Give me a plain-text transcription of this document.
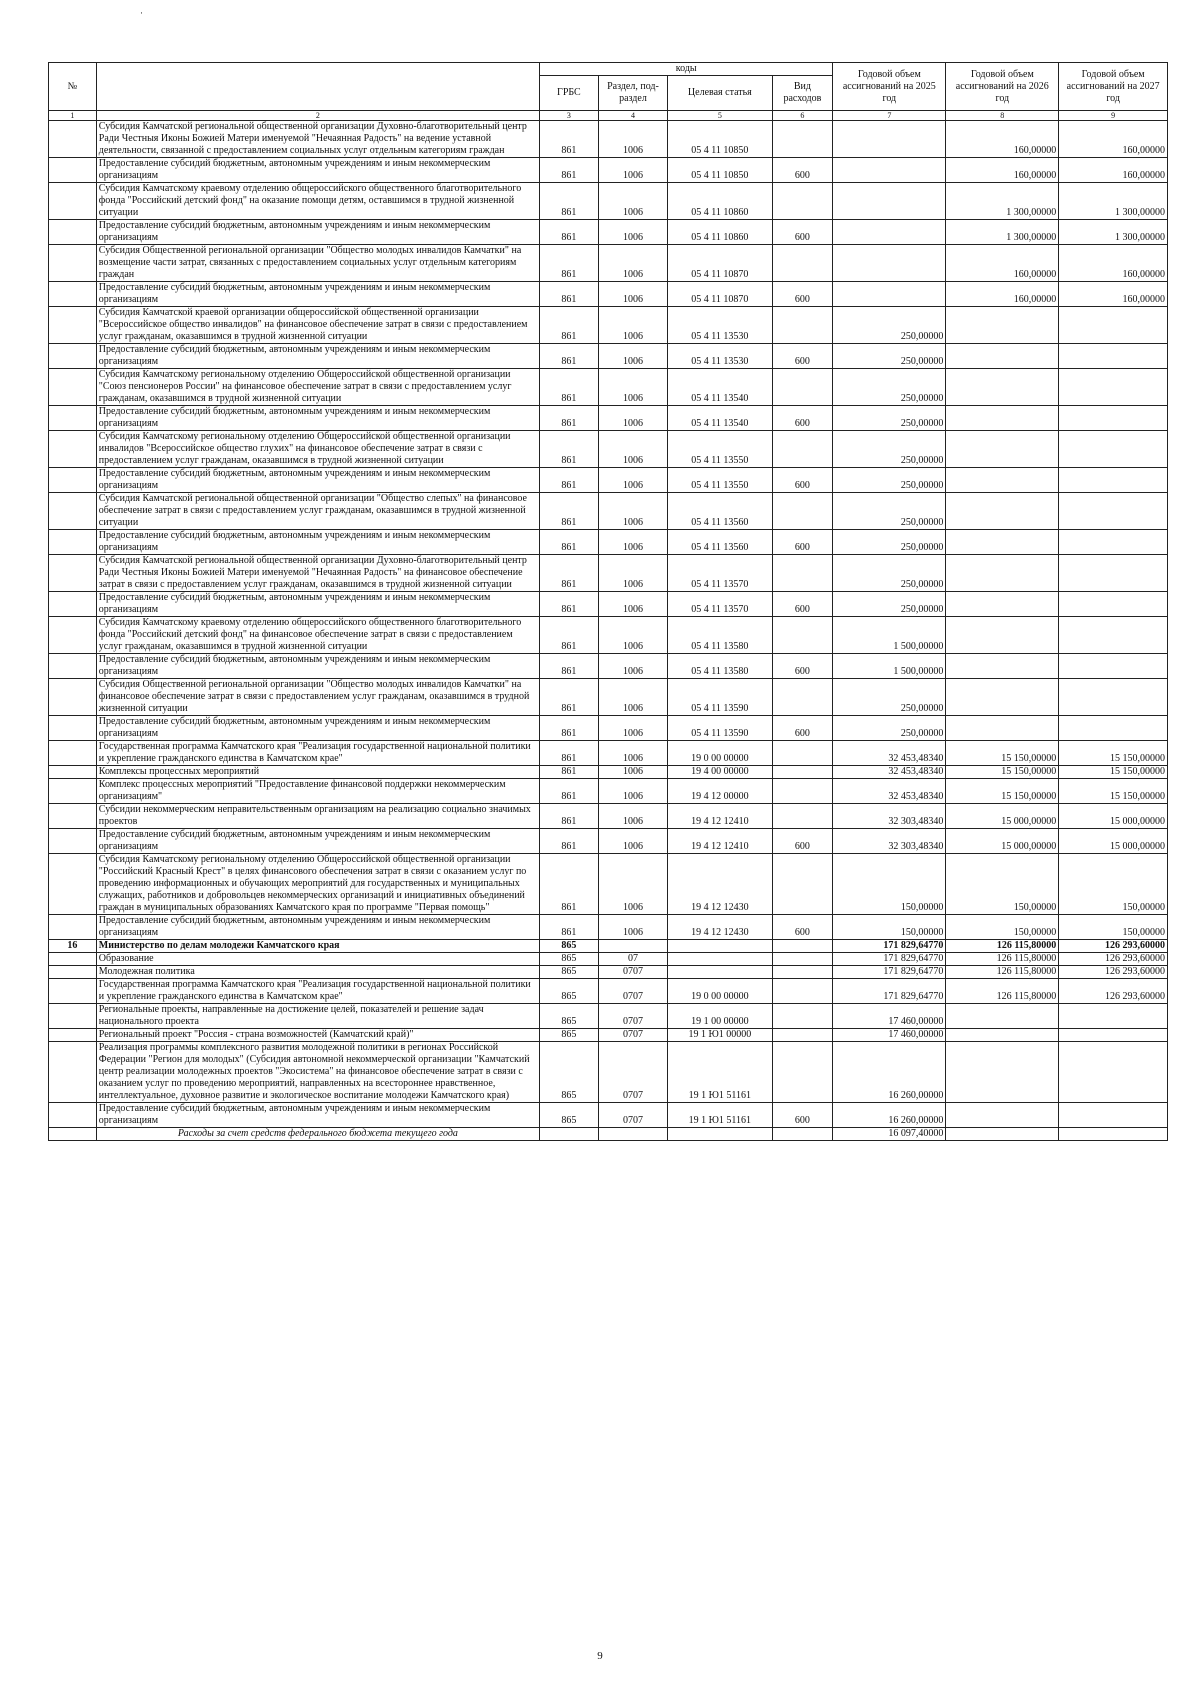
·
№		коды				Годовой объем ассигнований на 2025 год	Годовой объем ассигнований на 2026 год	Годовой объем ассигнований на 2027 год
		ГРБС	Раздел, под-раздел	Целевая статья	Вид расходов			
1	2	3	4	5	6	7	8	9
	Субсидия Камчатской региональной общественной организации Духовно-благотворительный центр Ради Честныя Иконы Божией Матери именуемой "Нечаянная Радость" на ведение уставной деятельности, связанной с предоставлением социальных услуг отдельным категориям граждан	861	1006	05 4 11 10850			160,00000	160,00000
	Предоставление субсидий бюджетным, автономным учреждениям и иным некоммерческим организациям	861	1006	05 4 11 10850	600		160,00000	160,00000
	Субсидия Камчатскому краевому отделению общероссийского общественного благотворительного фонда "Российский детский фонд" на оказание помощи детям, оставшимся в трудной жизненной ситуации	861	1006	05 4 11 10860			1 300,00000	1 300,00000
	Предоставление субсидий бюджетным, автономным учреждениям и иным некоммерческим организациям	861	1006	05 4 11 10860	600		1 300,00000	1 300,00000
	Субсидия Общественной региональной организации "Общество молодых инвалидов Камчатки" на возмещение части затрат, связанных с предоставлением социальных услуг отдельным категориям граждан	861	1006	05 4 11 10870			160,00000	160,00000
	Предоставление субсидий бюджетным, автономным учреждениям и иным некоммерческим организациям	861	1006	05 4 11 10870	600		160,00000	160,00000
	Субсидия Камчатской краевой организации общероссийской общественной организации "Всероссийское общество инвалидов" на финансовое обеспечение затрат в связи с предоставлением услуг гражданам, оказавшимся в трудной жизненной ситуации	861	1006	05 4 11 13530		250,00000		
	Предоставление субсидий бюджетным, автономным учреждениям и иным некоммерческим организациям	861	1006	05 4 11 13530	600	250,00000		
	Субсидия Камчатскому региональному отделению Общероссийской общественной организации "Союз пенсионеров России" на финансовое обеспечение затрат в связи с предоставлением услуг гражданам, оказавшимся в трудной жизненной ситуации	861	1006	05 4 11 13540		250,00000		
	Предоставление субсидий бюджетным, автономным учреждениям и иным некоммерческим организациям	861	1006	05 4 11 13540	600	250,00000		
	Субсидия Камчатскому региональному отделению Общероссийской общественной организации инвалидов "Всероссийское общество глухих" на финансовое обеспечение затрат в связи с предоставлением услуг гражданам, оказавшимся в трудной жизненной ситуации	861	1006	05 4 11 13550		250,00000		
	Предоставление субсидий бюджетным, автономным учреждениям и иным некоммерческим организациям	861	1006	05 4 11 13550	600	250,00000		
	Субсидия Камчатской региональной общественной организации "Общество слепых" на финансовое обеспечение затрат в связи с предоставлением услуг гражданам, оказавшимся в трудной жизненной ситуации	861	1006	05 4 11 13560		250,00000		
	Предоставление субсидий бюджетным, автономным учреждениям и иным некоммерческим организациям	861	1006	05 4 11 13560	600	250,00000		
	Субсидия Камчатской региональной общественной организации Духовно-благотворительный центр Ради Честныя Иконы Божией Матери именуемой "Нечаянная Радость" на финансовое обеспечение затрат в связи с предоставлением услуг гражданам, оказавшимся в трудной жизненной ситуации	861	1006	05 4 11 13570		250,00000		
	Предоставление субсидий бюджетным, автономным учреждениям и иным некоммерческим организациям	861	1006	05 4 11 13570	600	250,00000		
	Субсидия Камчатскому краевому отделению общероссийского общественного благотворительного фонда "Российский детский фонд" на финансовое обеспечение затрат в связи с предоставлением услуг гражданам, оказавшимся в трудной жизненной ситуации	861	1006	05 4 11 13580		1 500,00000		
	Предоставление субсидий бюджетным, автономным учреждениям и иным некоммерческим организациям	861	1006	05 4 11 13580	600	1 500,00000		
	Субсидия Общественной региональной организации "Общество молодых инвалидов Камчатки" на финансовое обеспечение затрат в связи с предоставлением услуг гражданам, оказавшимся в трудной жизненной ситуации	861	1006	05 4 11 13590		250,00000		
	Предоставление субсидий бюджетным, автономным учреждениям и иным некоммерческим организациям	861	1006	05 4 11 13590	600	250,00000		
	Государственная программа Камчатского края "Реализация государственной национальной политики и укрепление гражданского единства в Камчатском крае"	861	1006	19 0 00 00000		32 453,48340	15 150,00000	15 150,00000
	Комплексы процессных мероприятий	861	1006	19 4 00 00000		32 453,48340	15 150,00000	15 150,00000
	Комплекс процессных мероприятий "Предоставление финансовой поддержки некоммерческим организациям"	861	1006	19 4 12 00000		32 453,48340	15 150,00000	15 150,00000
	Субсидии некоммерческим неправительственным организациям на реализацию социально значимых проектов	861	1006	19 4 12 12410		32 303,48340	15 000,00000	15 000,00000
	Предоставление субсидий бюджетным, автономным учреждениям и иным некоммерческим организациям	861	1006	19 4 12 12410	600	32 303,48340	15 000,00000	15 000,00000
	Субсидия Камчатскому региональному отделению Общероссийской общественной организации "Российский Красный Крест" в целях финансового обеспечения затрат в связи с оказанием услуг по проведению информационных и обучающих мероприятий для государственных и муниципальных служащих, работников и добровольцев некоммерческих организаций и инициативных объединений граждан в муниципальных образованиях Камчатского края по программе "Первая помощь"	861	1006	19 4 12 12430		150,00000	150,00000	150,00000
	Предоставление субсидий бюджетным, автономным учреждениям и иным некоммерческим организациям	861	1006	19 4 12 12430	600	150,00000	150,00000	150,00000
16	Министерство по делам молодежи Камчатского края	865				171 829,64770	126 115,80000	126 293,60000
	Образование	865	07			171 829,64770	126 115,80000	126 293,60000
	Молодежная политика	865	0707			171 829,64770	126 115,80000	126 293,60000
	Государственная программа Камчатского края "Реализация государственной национальной политики и укрепление гражданского единства в Камчатском крае"	865	0707	19 0 00 00000		171 829,64770	126 115,80000	126 293,60000
	Региональные проекты, направленные на достижение целей, показателей и решение задач национального проекта	865	0707	19 1 00 00000		17 460,00000		
	Региональный проект "Россия - страна возможностей (Камчатский край)"	865	0707	19 1 Ю1 00000		17 460,00000		
	Реализация программы комплексного развития молодежной политики в регионах Российской Федерации "Регион для молодых" (Субсидия автономной некоммерческой организации "Камчатский центр реализации молодежных проектов "Экосистема" на финансовое обеспечение затрат в связи с оказанием услуг по проведению мероприятий, направленных на всестороннее нравственное, интеллектуальное, духовное развитие и экологическое воспитание молодежи Камчатского края)	865	0707	19 1 Ю1 51161		16 260,00000		
	Предоставление субсидий бюджетным, автономным учреждениям и иным некоммерческим организациям	865	0707	19 1 Ю1 51161	600	16 260,00000		
	Расходы за счет средств федерального бюджета текущего года					16 097,40000		
9
